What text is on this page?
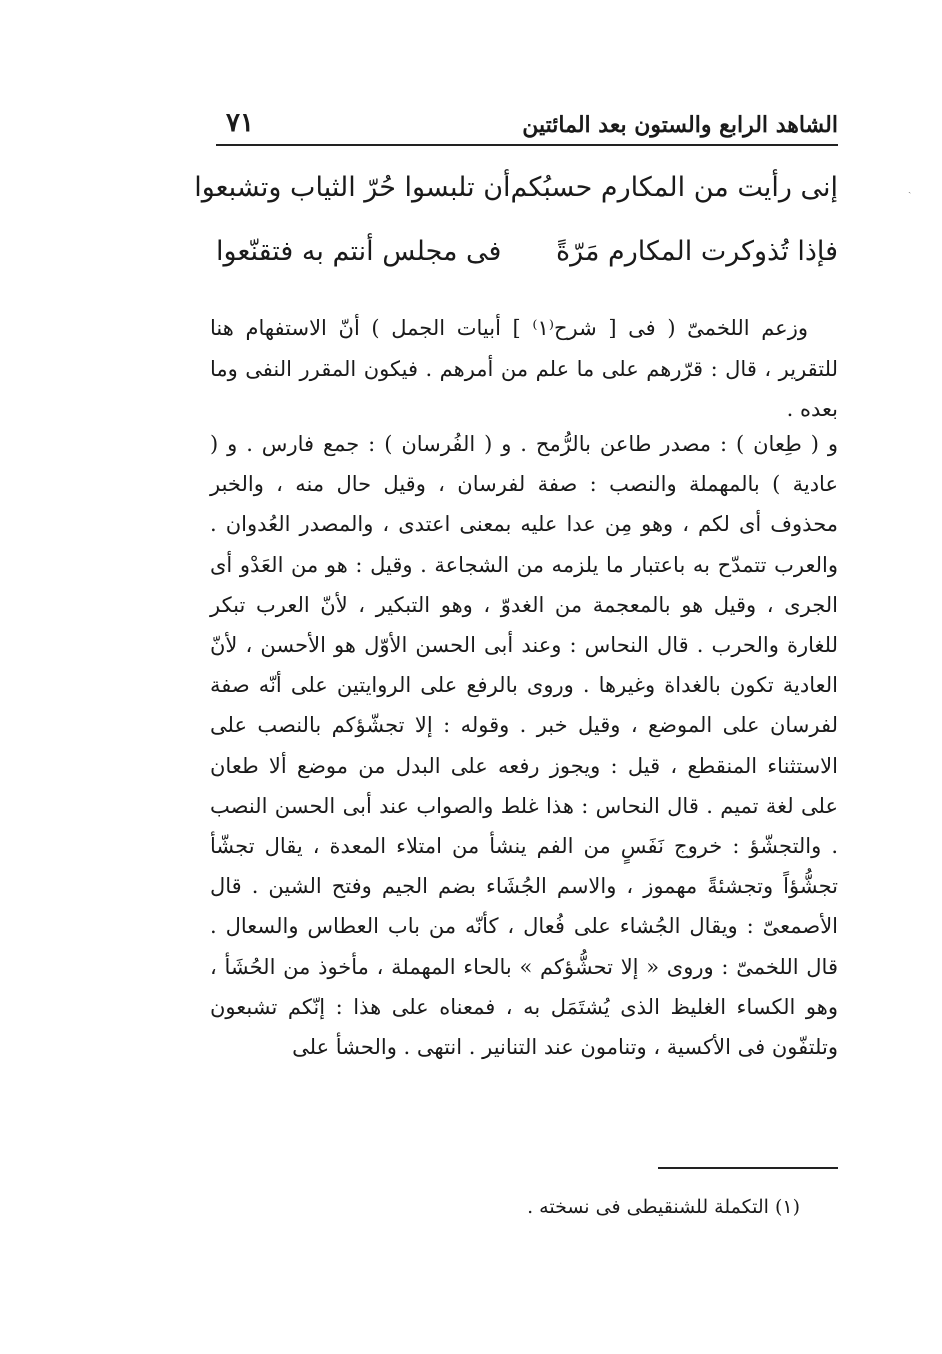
الشاهد الرابع والستون بعد المائتين
٧١
إنى رأيت من المكارم حسبُكم
أن تلبسوا حُرّ الثياب وتشبعوا
فإذا تُذوكرت المكارم مَرّةً
فى مجلس أنتم به فتقنّعوا

وزعم اللخمىّ ( فى [ شرح⁽١⁾ ] أبيات الجمل ) أنّ الاستفهام هنا للتقرير ، قال : قرّرهم على ما علم من أمرهم . فيكون المقرر النفى وما بعده .

و ( طِعان ) : مصدر طاعن بالرُّمح . و ( الفُرسان ) : جمع فارس . و ( عادية ) بالمهملة والنصب : صفة لفرسان ، وقيل حال منه ، والخبر محذوف أى لكم ، وهو مِن عدا عليه بمعنى اعتدى ، والمصدر العُدوان . والعرب تتمدّح به باعتبار ما يلزمه من الشجاعة . وقيل : هو من العَدْو أى الجرى ، وقيل هو بالمعجمة من الغدوّ ، وهو التبكير ، لأنّ العرب تبكر للغارة والحرب . قال النحاس : وعند أبى الحسن الأوّل هو الأحسن ، لأنّ العادية تكون بالغداة وغيرها . وروى بالرفع على الروايتين على أنّه صفة لفرسان على الموضع ، وقيل خبر . وقوله : إلا تجشّؤكم بالنصب على الاستثناء المنقطع ، قيل : ويجوز رفعه على البدل من موضع ألا طعان على لغة تميم . قال النحاس : هذا غلط والصواب عند أبى الحسن النصب . والتجشّؤ : خروج نَفَسٍ من الفم ينشأ من امتلاء المعدة ، يقال تجشّأ تجشُّؤاً وتجشئةً مهموز ، والاسم الجُشَاء بضم الجيم وفتح الشين . قال الأصمعىّ : ويقال الجُشاء على فُعال ، كأنّه من باب العطاس والسعال . قال اللخمىّ : وروى « إلا تحشُّؤكم » بالحاء المهملة ، مأخوذ من الحُشَأ ، وهو الكساء الغليظ الذى يُشتَمَل به ، فمعناه على هذا : إنّكم تشبعون وتلتفّون فى الأكسية ، وتنامون عند التنانير . انتهى . والحشأ على

(١) التكملة للشنقيطى فى نسخته .
ˎ
